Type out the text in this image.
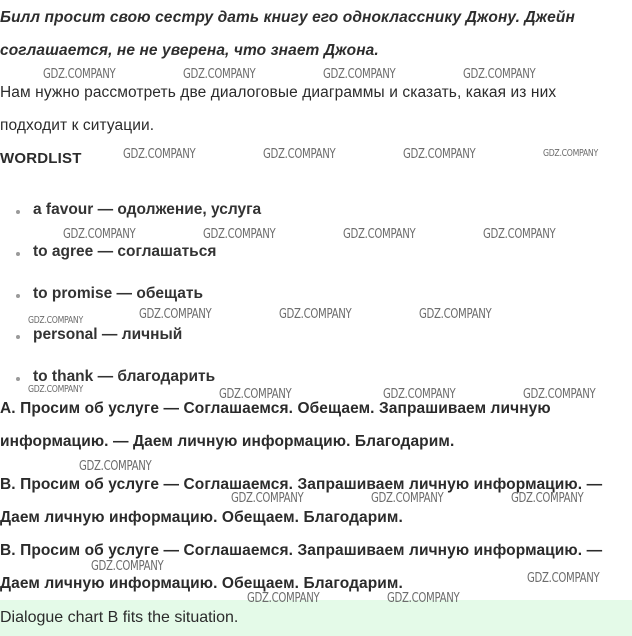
Билл просит свою сестру дать книгу его однокласснику Джону. Джейн
соглашается, не не уверена, что знает Джона.
Нам нужно рассмотреть две диалоговые диаграммы и сказать, какая из них
подходит к ситуации.
WORDLIST
a favour — одолжение, услуга
to agree — соглашаться
to promise — обещать
personal — личный
to thank — благодарить
A. Просим об услуге — Соглашаемся. Обещаем. Запрашиваем личную
информацию. — Даем личную информацию. Благодарим.
B. Просим об услуге — Соглашаемся. Запрашиваем личную информацию. —
Даем личную информацию. Обещаем. Благодарим.
B. Просим об услуге — Соглашаемся. Запрашиваем личную информацию. —
Даем личную информацию. Обещаем. Благодарим.
Dialogue chart B fits the situation.
GDZ.COMPANY	GDZ.COMPANY	GDZ.COMPANY	GDZ.COMPANY
GDZ.COMPANY	GDZ.COMPANY	GDZ.COMPANY	GDZ.COMPANY
GDZ.COMPANY	GDZ.COMPANY	GDZ.COMPANY	GDZ.COMPANY
GDZ.COMPANY	GDZ.COMPANY	GDZ.COMPANY	GDZ.COMPANY
GDZ.COMPANY	GDZ.COMPANY	GDZ.COMPANY	GDZ.COMPANY
GDZ.COMPANY
GDZ.COMPANY	GDZ.COMPANY	GDZ.COMPANY
GDZ.COMPANY
GDZ.COMPANY
GDZ.COMPANY	GDZ.COMPANY
